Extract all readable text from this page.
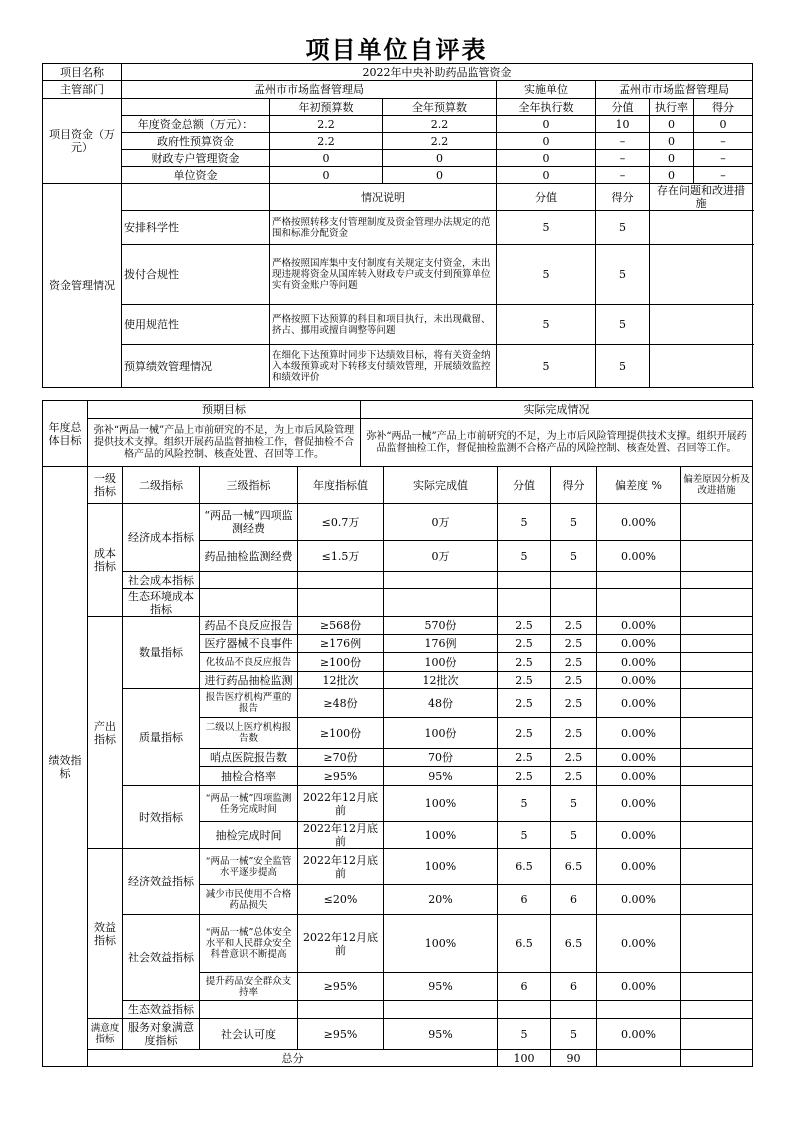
项目单位自评表
项目名称	2022年中央补助药品监管资金						
主管部门	孟州市市场监督管理局			实施单位	孟州市市场监督管理局		
项目资金（万元）		年初预算数	全年预算数	全年执行数	分值	执行率	得分
	年度资金总额（万元）：	2.2	2.2	0	10	0	0
	政府性预算资金	2.2	2.2	0	–	0	–
	财政专户管理资金	0	0	0	–	0	–
	单位资金	0	0	0	–	0	–
资金管理情况		情况说明		分值	得分	存在问题和改进措施	
	安排科学性	严格按照转移支付管理制度及资金管理办法规定的范围和标准分配资金		5	5		
	拨付合规性	严格按照国库集中支付制度有关规定支付资金，未出现违规将资金从国库转入财政专户或支付到预算单位实有资金账户等问题		5	5		
	使用规范性	严格按照下达预算的科目和项目执行，未出现截留、挤占、挪用或擅自调整等问题		5	5		
	预算绩效管理情况	在细化下达预算时同步下达绩效目标，将有关资金纳入本级预算或对下转移支付绩效管理，开展绩效监控和绩效评价		5	5		
年度总体目标	预期目标	实际完成情况
	弥补“两品一械”产品上市前研究的不足，为上市后风险管理提供技术支撑。组织开展药品监督抽检工作，督促抽检不合格产品的风险控制、核查处置、召回等工作。	弥补“两品一械”产品上市前研究的不足，为上市后风险管理提供技术支撑。组织开展药品监督抽检工作，督促抽检监测不合格产品的风险控制、核查处置、召回等工作。
绩效指标	一级指标	二级指标	三级指标	年度指标值	实际完成值	分值	得分	偏差度 %	偏差原因分析及改进措施
	成本指标	经济成本指标	“两品一械”四项监测经费	≤0.7万	0万	5	5	0.00%	
			药品抽检监测经费	≤1.5万	0万	5	5	0.00%	
		社会成本指标							
		生态环境成本指标							
	产出指标	数量指标	药品不良反应报告	≥568份	570份	2.5	2.5	0.00%	
			医疗器械不良事件	≥176例	176例	2.5	2.5	0.00%	
			化妆品不良反应报告	≥100份	100份	2.5	2.5	0.00%	
			进行药品抽检监测	12批次	12批次	2.5	2.5	0.00%	
		质量指标	报告医疗机构严重的报告	≥48份	48份	2.5	2.5	0.00%	
			二级以上医疗机构报告数	≥100份	100份	2.5	2.5	0.00%	
			哨点医院报告数	≥70份	70份	2.5	2.5	0.00%	
			抽检合格率	≥95%	95%	2.5	2.5	0.00%	
		时效指标	“两品一械”四项监测任务完成时间	2022年12月底前	100%	5	5	0.00%	
			抽检完成时间	2022年12月底前	100%	5	5	0.00%	
	效益指标	经济效益指标	“两品一械”安全监管水平逐步提高	2022年12月底前	100%	6.5	6.5	0.00%	
			减少市民使用不合格药品损失	≤20%	20%	6	6	0.00%	
		社会效益指标	“两品一械”总体安全水平和人民群众安全科普意识不断提高	2022年12月底前	100%	6.5	6.5	0.00%	
			提升药品安全群众支持率	≥95%	95%	6	6	0.00%	
		生态效益指标							
	满意度指标	服务对象满意度指标	社会认可度	≥95%	95%	5	5	0.00%	
	总分					100	90		
